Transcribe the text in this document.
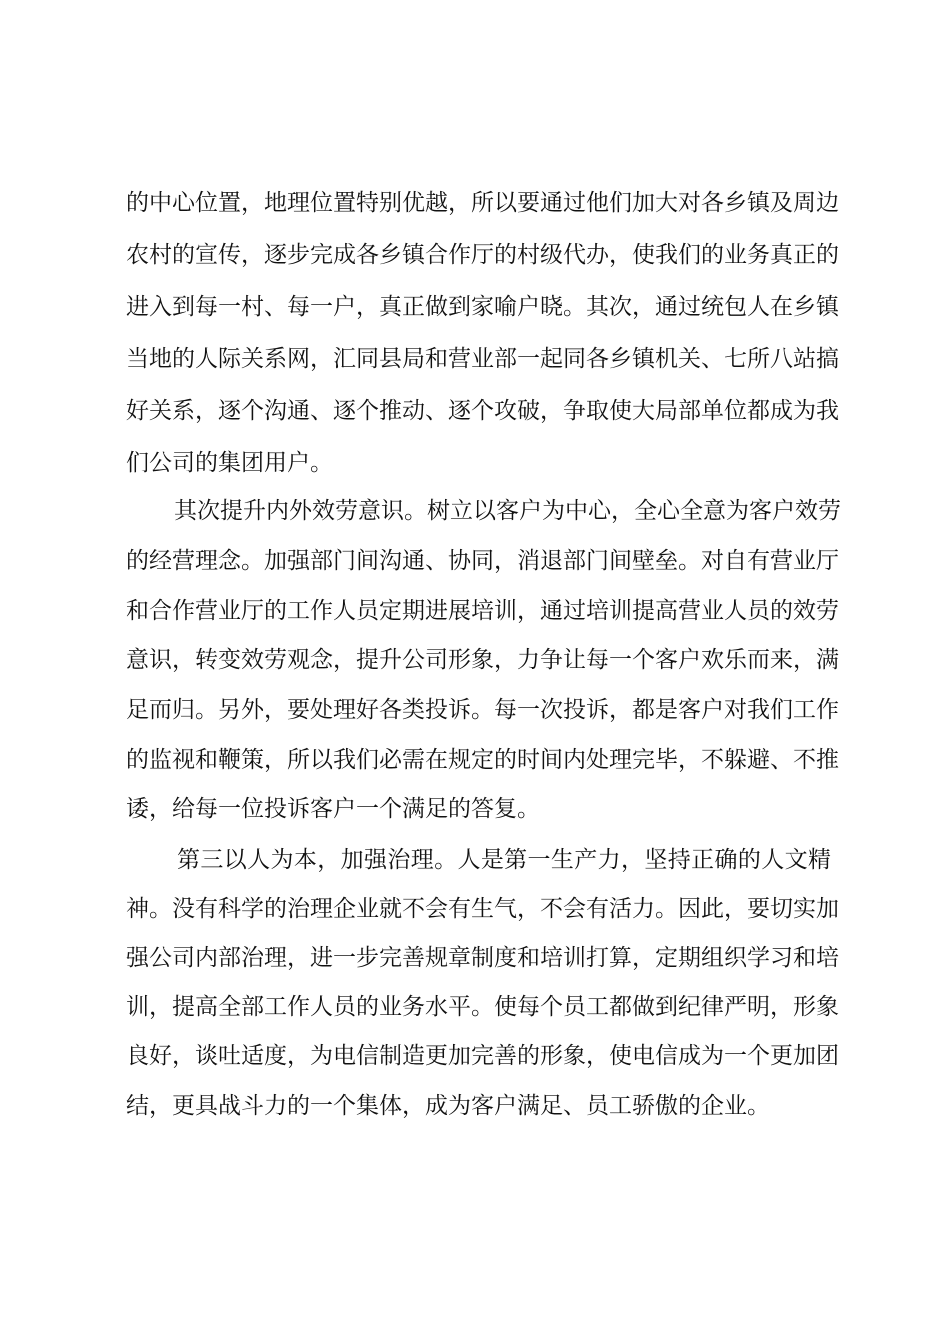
的中心位置，地理位置特别优越，所以要通过他们加大对各乡镇及周边
农村的宣传，逐步完成各乡镇合作厅的村级代办，使我们的业务真正的
进入到每一村、每一户，真正做到家喻户晓。其次，通过统包人在乡镇
当地的人际关系网，汇同县局和营业部一起同各乡镇机关、七所八站搞
好关系，逐个沟通、逐个推动、逐个攻破，争取使大局部单位都成为我
们公司的集团用户。
其次提升内外效劳意识。树立以客户为中心，全心全意为客户效劳
的经营理念。加强部门间沟通、协同，消退部门间壁垒。对自有营业厅
和合作营业厅的工作人员定期进展培训，通过培训提高营业人员的效劳
意识，转变效劳观念，提升公司形象，力争让每一个客户欢乐而来，满
足而归。另外，要处理好各类投诉。每一次投诉，都是客户对我们工作
的监视和鞭策，所以我们必需在规定的时间内处理完毕，不躲避、不推
诿，给每一位投诉客户一个满足的答复。
第三以人为本，加强治理。人是第一生产力，坚持正确的人文精
神。没有科学的治理企业就不会有生气，不会有活力。因此，要切实加
强公司内部治理，进一步完善规章制度和培训打算，定期组织学习和培
训，提高全部工作人员的业务水平。使每个员工都做到纪律严明，形象
良好，谈吐适度，为电信制造更加完善的形象，使电信成为一个更加团
结，更具战斗力的一个集体，成为客户满足、员工骄傲的企业。
